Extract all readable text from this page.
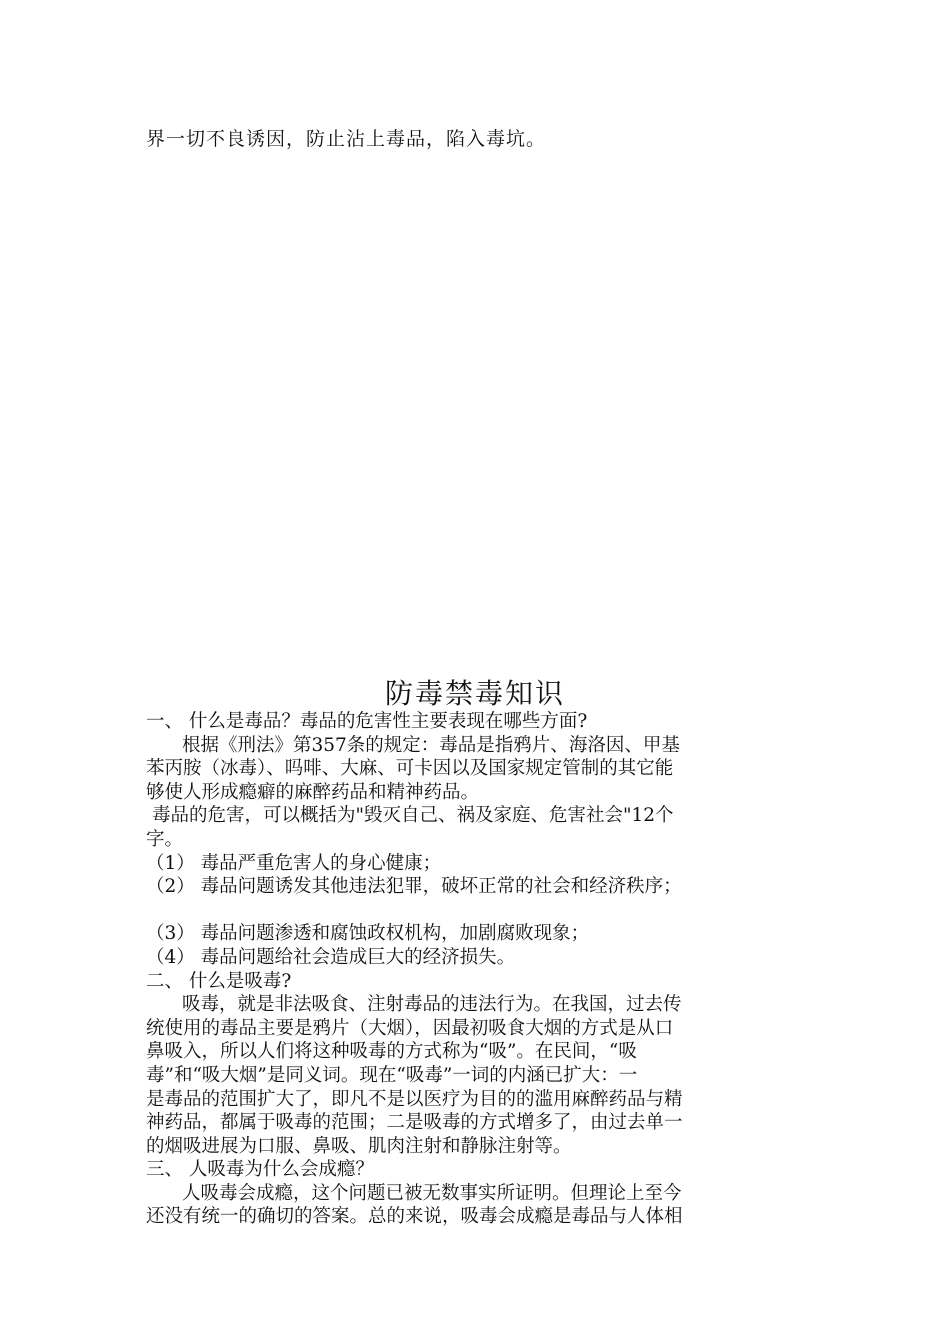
界一切不良诱因，防止沾上毒品，陷入毒坑。
防毒禁毒知识
一、 什么是毒品？毒品的危害性主要表现在哪些方面?
根据《刑法》第357条的规定：毒品是指鸦片、海洛因、甲基
苯丙胺（冰毒）、吗啡、大麻、可卡因以及国家规定管制的其它能
够使人形成瘾癖的麻醉药品和精神药品。
毒品的危害，可以概括为"毁灭自己、祸及家庭、危害社会"12个
字。
（1） 毒品严重危害人的身心健康；
（2） 毒品问题诱发其他违法犯罪，破坏正常的社会和经济秩序；
（3） 毒品问题渗透和腐蚀政权机构，加剧腐败现象；
（4） 毒品问题给社会造成巨大的经济损失。
二、 什么是吸毒?
吸毒，就是非法吸食、注射毒品的违法行为。在我国，过去传
统使用的毒品主要是鸦片（大烟），因最初吸食大烟的方式是从口
鼻吸入，所以人们将这种吸毒的方式称为“吸”。在民间，“吸
毒”和“吸大烟”是同义词。现在“吸毒”一词的内涵已扩大：一
是毒品的范围扩大了，即凡不是以医疗为目的的滥用麻醉药品与精
神药品，都属于吸毒的范围；二是吸毒的方式增多了，由过去单一
的烟吸进展为口服、鼻吸、肌肉注射和静脉注射等。
三、 人吸毒为什么会成瘾？
人吸毒会成瘾，这个问题已被无数事实所证明。但理论上至今
还没有统一的确切的答案。总的来说，吸毒会成瘾是毒品与人体相
